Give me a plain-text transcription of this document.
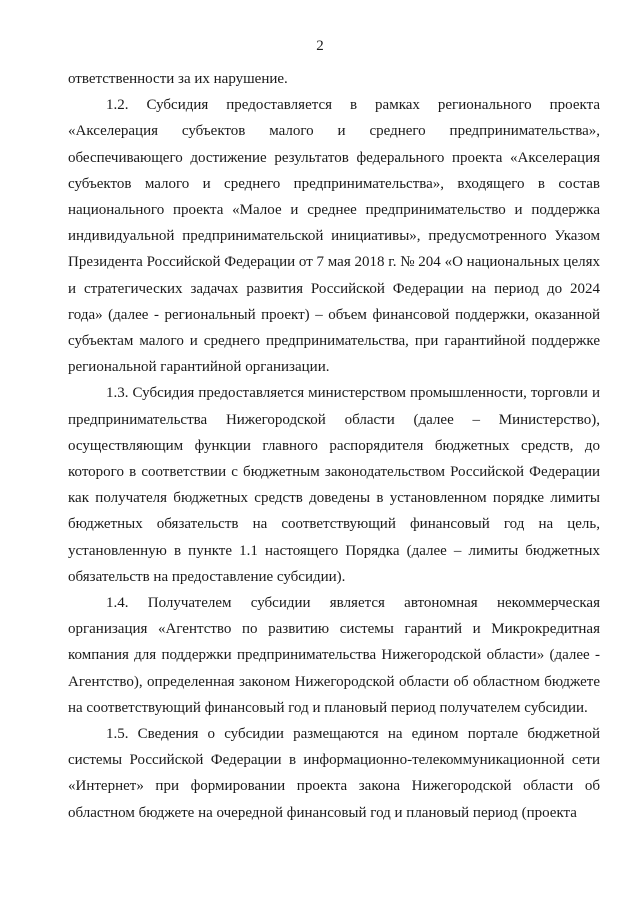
2

ответственности за их нарушение.

1.2. Субсидия предоставляется в рамках регионального проекта «Акселерация субъектов малого и среднего предпринимательства», обеспечивающего достижение результатов федерального проекта «Акселерация субъектов малого и среднего предпринимательства», входящего в состав национального проекта «Малое и среднее предпринимательство и поддержка индивидуальной предпринимательской инициативы», предусмотренного Указом Президента Российской Федерации от 7 мая 2018 г. № 204 «О национальных целях и стратегических задачах развития Российской Федерации на период до 2024 года» (далее - региональный проект) – объем финансовой поддержки, оказанной субъектам малого и среднего предпринимательства, при гарантийной поддержке региональной гарантийной организации.

1.3. Субсидия предоставляется министерством промышленности, торговли и предпринимательства Нижегородской области (далее – Министерство), осуществляющим функции главного распорядителя бюджетных средств, до которого в соответствии с бюджетным законодательством Российской Федерации как получателя бюджетных средств доведены в установленном порядке лимиты бюджетных обязательств на соответствующий финансовый год на цель, установленную в пункте 1.1 настоящего Порядка (далее – лимиты бюджетных обязательств на предоставление субсидии).

1.4. Получателем субсидии является автономная некоммерческая организация «Агентство по развитию системы гарантий и Микрокредитная компания для поддержки предпринимательства Нижегородской области» (далее - Агентство), определенная законом Нижегородской области об областном бюджете на соответствующий финансовый год и плановый период получателем субсидии.

1.5. Сведения о субсидии размещаются на едином портале бюджетной системы Российской Федерации в информационно-телекоммуникационной сети «Интернет» при формировании проекта закона Нижегородской области об областном бюджете на очередной финансовый год и плановый период (проекта
